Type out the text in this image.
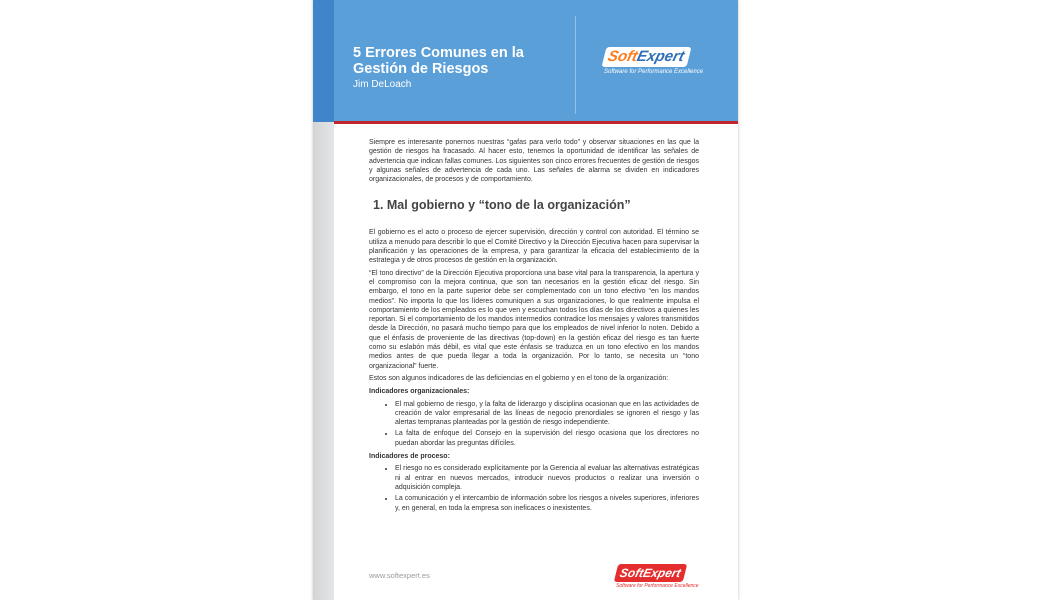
5 Errores Comunes en la Gestión de Riesgos
Jim DeLoach
SoftExpert
Software for Performance Excellence

Siempre es interesante ponernos nuestras “gafas para verlo todo” y observar situaciones en las que la gestión de riesgos ha fracasado. Al hacer esto, tenemos la oportunidad de identificar las señales de advertencia que indican fallas comunes. Los siguientes son cinco errores frecuentes de gestión de riesgos y algunas señales de advertencia de cada uno. Las señales de alarma se dividen en indicadores organizacionales, de procesos y de comportamiento.

1. Mal gobierno y “tono de la organización”

El gobierno es el acto o proceso de ejercer supervisión, dirección y control con autoridad. El término se utiliza a menudo para describir lo que el Comité Directivo y la Dirección Ejecutiva hacen para supervisar la planificación y las operaciones de la empresa, y para garantizar la eficacia del establecimiento de la estrategia y de otros procesos de gestión en la organización.

“El tono directivo” de la Dirección Ejecutiva proporciona una base vital para la transparencia, la apertura y el compromiso con la mejora continua, que son tan necesarios en la gestión eficaz del riesgo. Sin embargo, el tono en la parte superior debe ser complementado con un tono efectivo “en los mandos medios”. No importa lo que los líderes comuniquen a sus organizaciones, lo que realmente impulsa el comportamiento de los empleados es lo que ven y escuchan todos los días de los directivos a quienes les reportan. Si el comportamiento de los mandos intermedios contradice los mensajes y valores transmitidos desde la Dirección, no pasará mucho tiempo para que los empleados de nivel inferior lo noten. Debido a que el énfasis de proveniente de las directivas (top-down) en la gestión eficaz del riesgo es tan fuerte como su eslabón más débil, es vital que este énfasis se traduzca en un tono efectivo en los mandos medios antes de que pueda llegar a toda la organización. Por lo tanto, se necesita un “tono organizacional” fuerte.

Estos son algunos indicadores de las deficiencias en el gobierno y en el tono de la organización:

Indicadores organizacionales:
• El mal gobierno de riesgo, y la falta de liderazgo y disciplina ocasionan que en las actividades de creación de valor empresarial de las líneas de negocio prenordiales se ignoren el riesgo y las alertas tempranas planteadas por la gestión de riesgo independiente.
• La falta de enfoque del Consejo en la supervisión del riesgo ocasiona que los directores no puedan abordar las preguntas difíciles.
Indicadores de proceso:
• El riesgo no es considerado explícitamente por la Gerencia al evaluar las alternativas estratégicas ni al entrar en nuevos mercados, introducir nuevos productos o realizar una inversión o adquisición compleja.
• La comunicación y el intercambio de información sobre los riesgos a niveles superiores, inferiores y, en general, en toda la empresa son ineficaces o inexistentes.
www.softexpert.es	SoftExpert
Software for Performance Excellence
